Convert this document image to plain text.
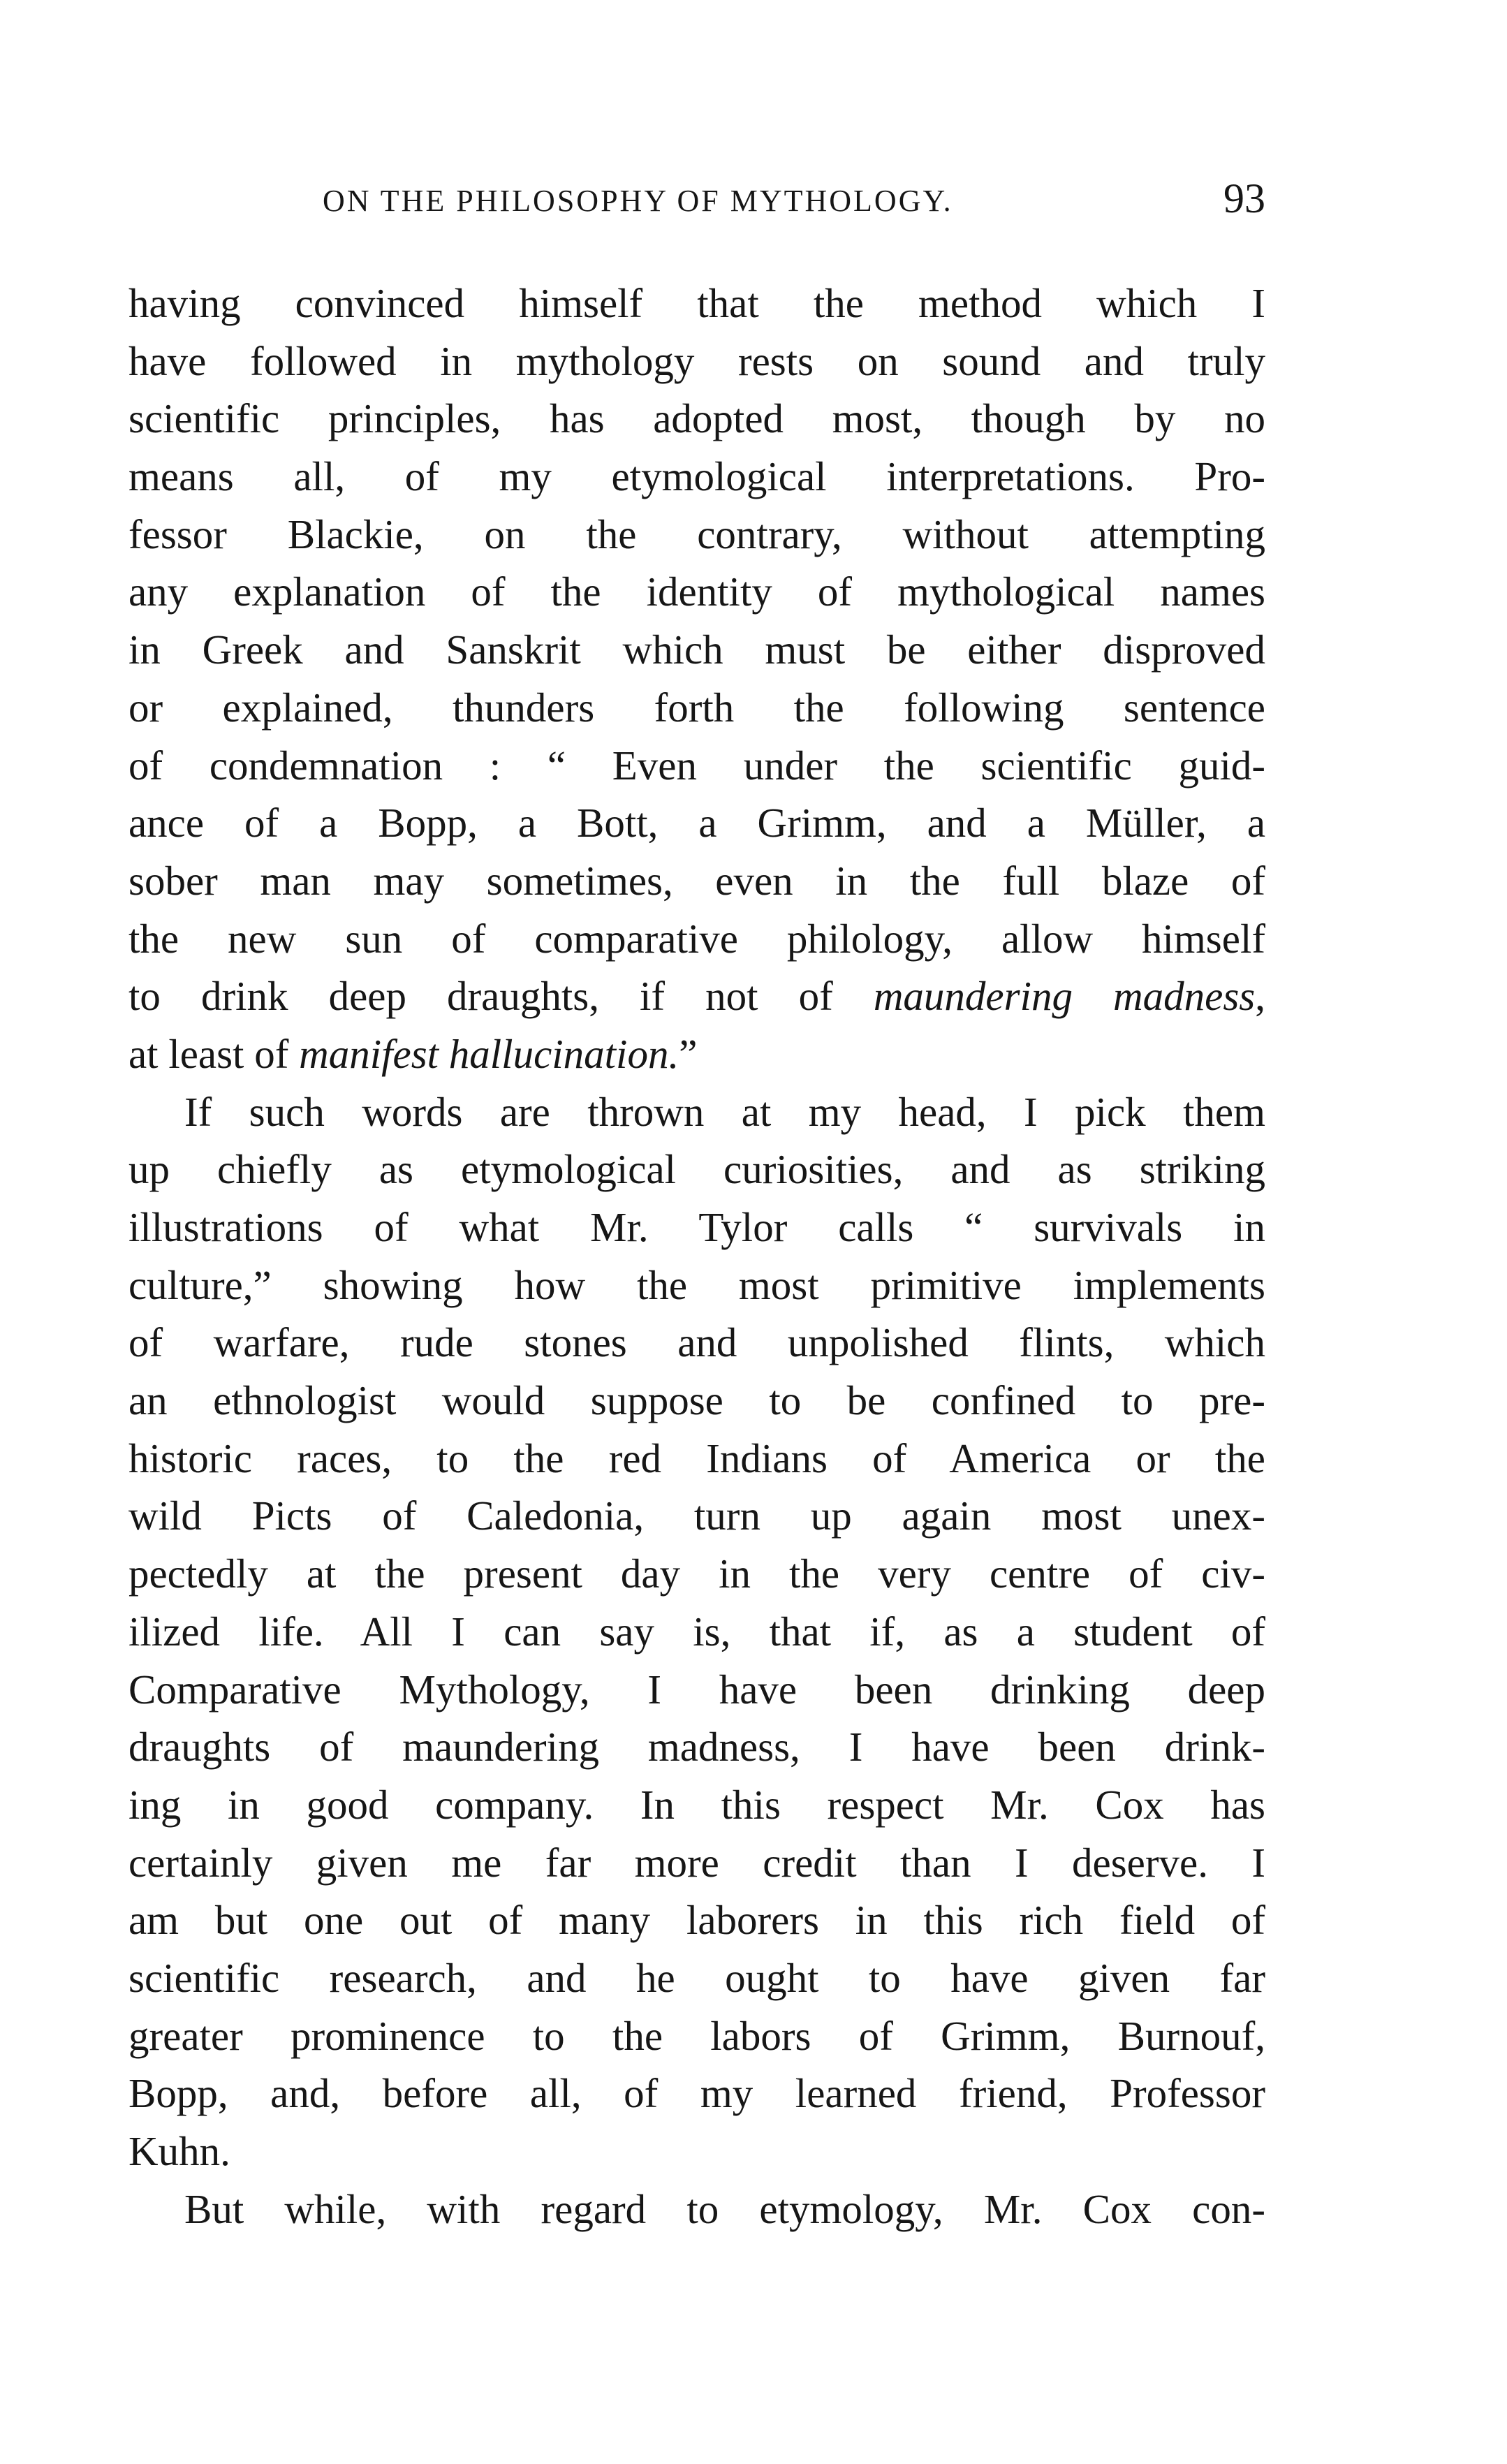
ON THE PHILOSOPHY OF MYTHOLOGY.	93
having convinced himself that the method which I
have followed in mythology rests on sound and truly
scientific principles, has adopted most, though by no
means all, of my etymological interpretations. Pro-
fessor Blackie, on the contrary, without attempting
any explanation of the identity of mythological names
in Greek and Sanskrit which must be either disproved
or explained, thunders forth the following sentence
of condemnation : “ Even under the scientific guid-
ance of a Bopp, a Bott, a Grimm, and a Müller, a
sober man may sometimes, even in the full blaze of
the new sun of comparative philology, allow himself
to drink deep draughts, if not of maundering madness,
at least of manifest hallucination.”
If such words are thrown at my head, I pick them
up chiefly as etymological curiosities, and as striking
illustrations of what Mr. Tylor calls “ survivals in
culture,” showing how the most primitive implements
of warfare, rude stones and unpolished flints, which
an ethnologist would suppose to be confined to pre-
historic races, to the red Indians of America or the
wild Picts of Caledonia, turn up again most unex-
pectedly at the present day in the very centre of civ-
ilized life. All I can say is, that if, as a student of
Comparative Mythology, I have been drinking deep
draughts of maundering madness, I have been drink-
ing in good company. In this respect Mr. Cox has
certainly given me far more credit than I deserve. I
am but one out of many laborers in this rich field of
scientific research, and he ought to have given far
greater prominence to the labors of Grimm, Burnouf,
Bopp, and, before all, of my learned friend, Professor
Kuhn.
But while, with regard to etymology, Mr. Cox con-
